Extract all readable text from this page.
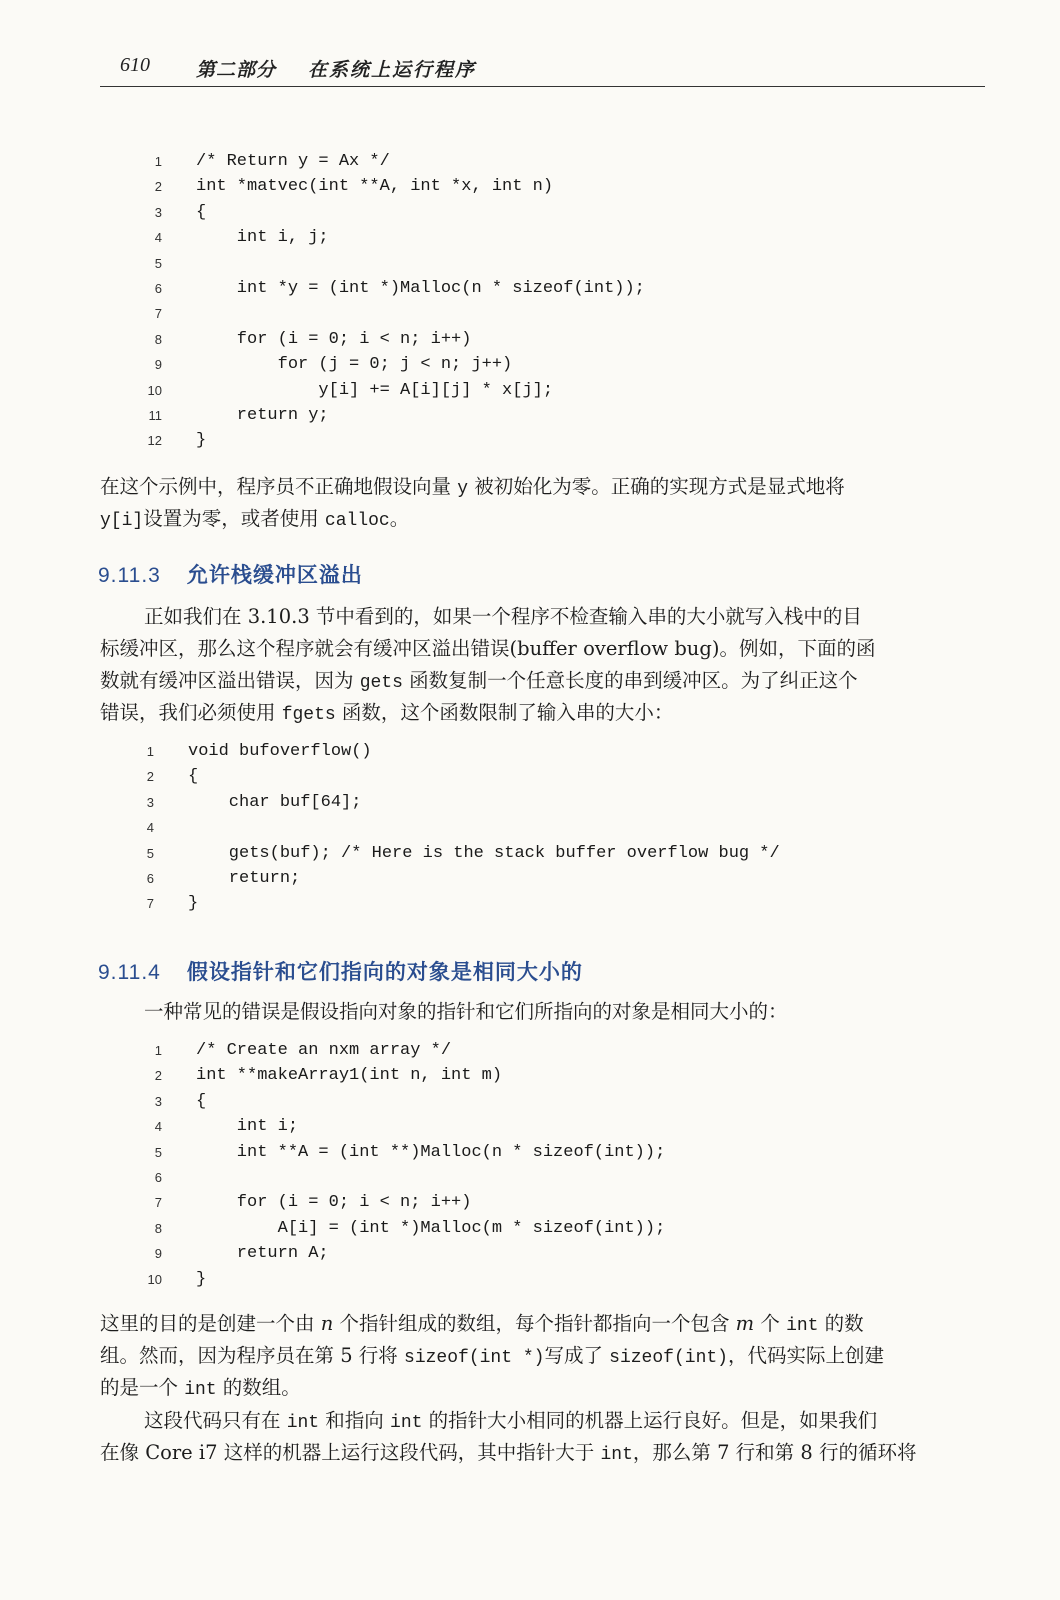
610 第二部分 在系统上运行程序
1 /* Return y = Ax */
2 int *matvec(int **A, int *x, int n)
3 {
4 int i, j;
5
6 int *y = (int *)Malloc(n * sizeof(int));
7
8 for (i = 0; i < n; i++)
9 for (j = 0; j < n; j++)
10 y[i] += A[i][j] * x[j];
11 return y;
12 }
在这个示例中，程序员不正确地假设向量 y 被初始化为零。正确的实现方式是显式地将
y[i]设置为零，或者使用 calloc。
9.11.3 允许栈缓冲区溢出
正如我们在 3.10.3 节中看到的，如果一个程序不检查输入串的大小就写入栈中的目
标缓冲区，那么这个程序就会有缓冲区溢出错误(buffer overflow bug)。例如，下面的函
数就有缓冲区溢出错误，因为 gets 函数复制一个任意长度的串到缓冲区。为了纠正这个
错误，我们必须使用 fgets 函数，这个函数限制了输入串的大小：
1 void bufoverflow()
2 {
3 char buf[64];
4
5 gets(buf); /* Here is the stack buffer overflow bug */
6 return;
7 }
9.11.4 假设指针和它们指向的对象是相同大小的
一种常见的错误是假设指向对象的指针和它们所指向的对象是相同大小的：
1 /* Create an nxm array */
2 int **makeArray1(int n, int m)
3 {
4 int i;
5 int **A = (int **)Malloc(n * sizeof(int));
6
7 for (i = 0; i < n; i++)
8 A[i] = (int *)Malloc(m * sizeof(int));
9 return A;
10 }
这里的目的是创建一个由 n 个指针组成的数组，每个指针都指向一个包含 m 个 int 的数
组。然而，因为程序员在第 5 行将 sizeof(int *)写成了 sizeof(int)，代码实际上创建
的是一个 int 的数组。
这段代码只有在 int 和指向 int 的指针大小相同的机器上运行良好。但是，如果我们
在像 Core i7 这样的机器上运行这段代码，其中指针大于 int，那么第 7 行和第 8 行的循环将
